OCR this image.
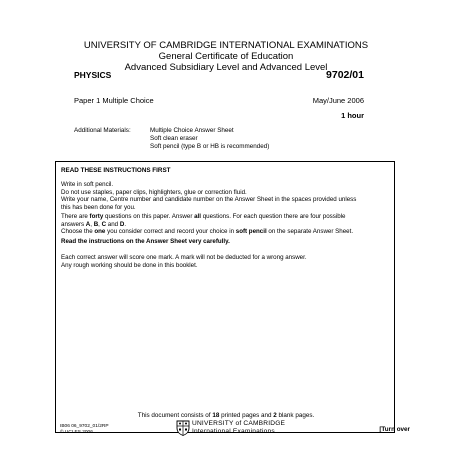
UNIVERSITY OF CAMBRIDGE INTERNATIONAL EXAMINATIONS
General Certificate of Education
Advanced Subsidiary Level and Advanced Level
PHYSICS	9702/01
Paper 1 Multiple Choice	May/June 2006
1 hour
Additional Materials:	Multiple Choice Answer Sheet
Soft clean eraser
Soft pencil (type B or HB is recommended)
READ THESE INSTRUCTIONS FIRST
Write in soft pencil.
Do not use staples, paper clips, highlighters, glue or correction fluid.
Write your name, Centre number and candidate number on the Answer Sheet in the spaces provided unless
this has been done for you.
There are forty questions on this paper. Answer all questions. For each question there are four possible
answers A, B, C and D.
Choose the one you consider correct and record your choice in soft pencil on the separate Answer Sheet.
Read the instructions on the Answer Sheet very carefully.
Each correct answer will score one mark. A mark will not be deducted for a wrong answer.
Any rough working should be done in this booklet.
This document consists of 18 printed pages and 2 blank pages.
IB06 06_9702_01/2RP
© UCLES 2006
UNIVERSITY of CAMBRIDGE
International Examinations	[Turn over
